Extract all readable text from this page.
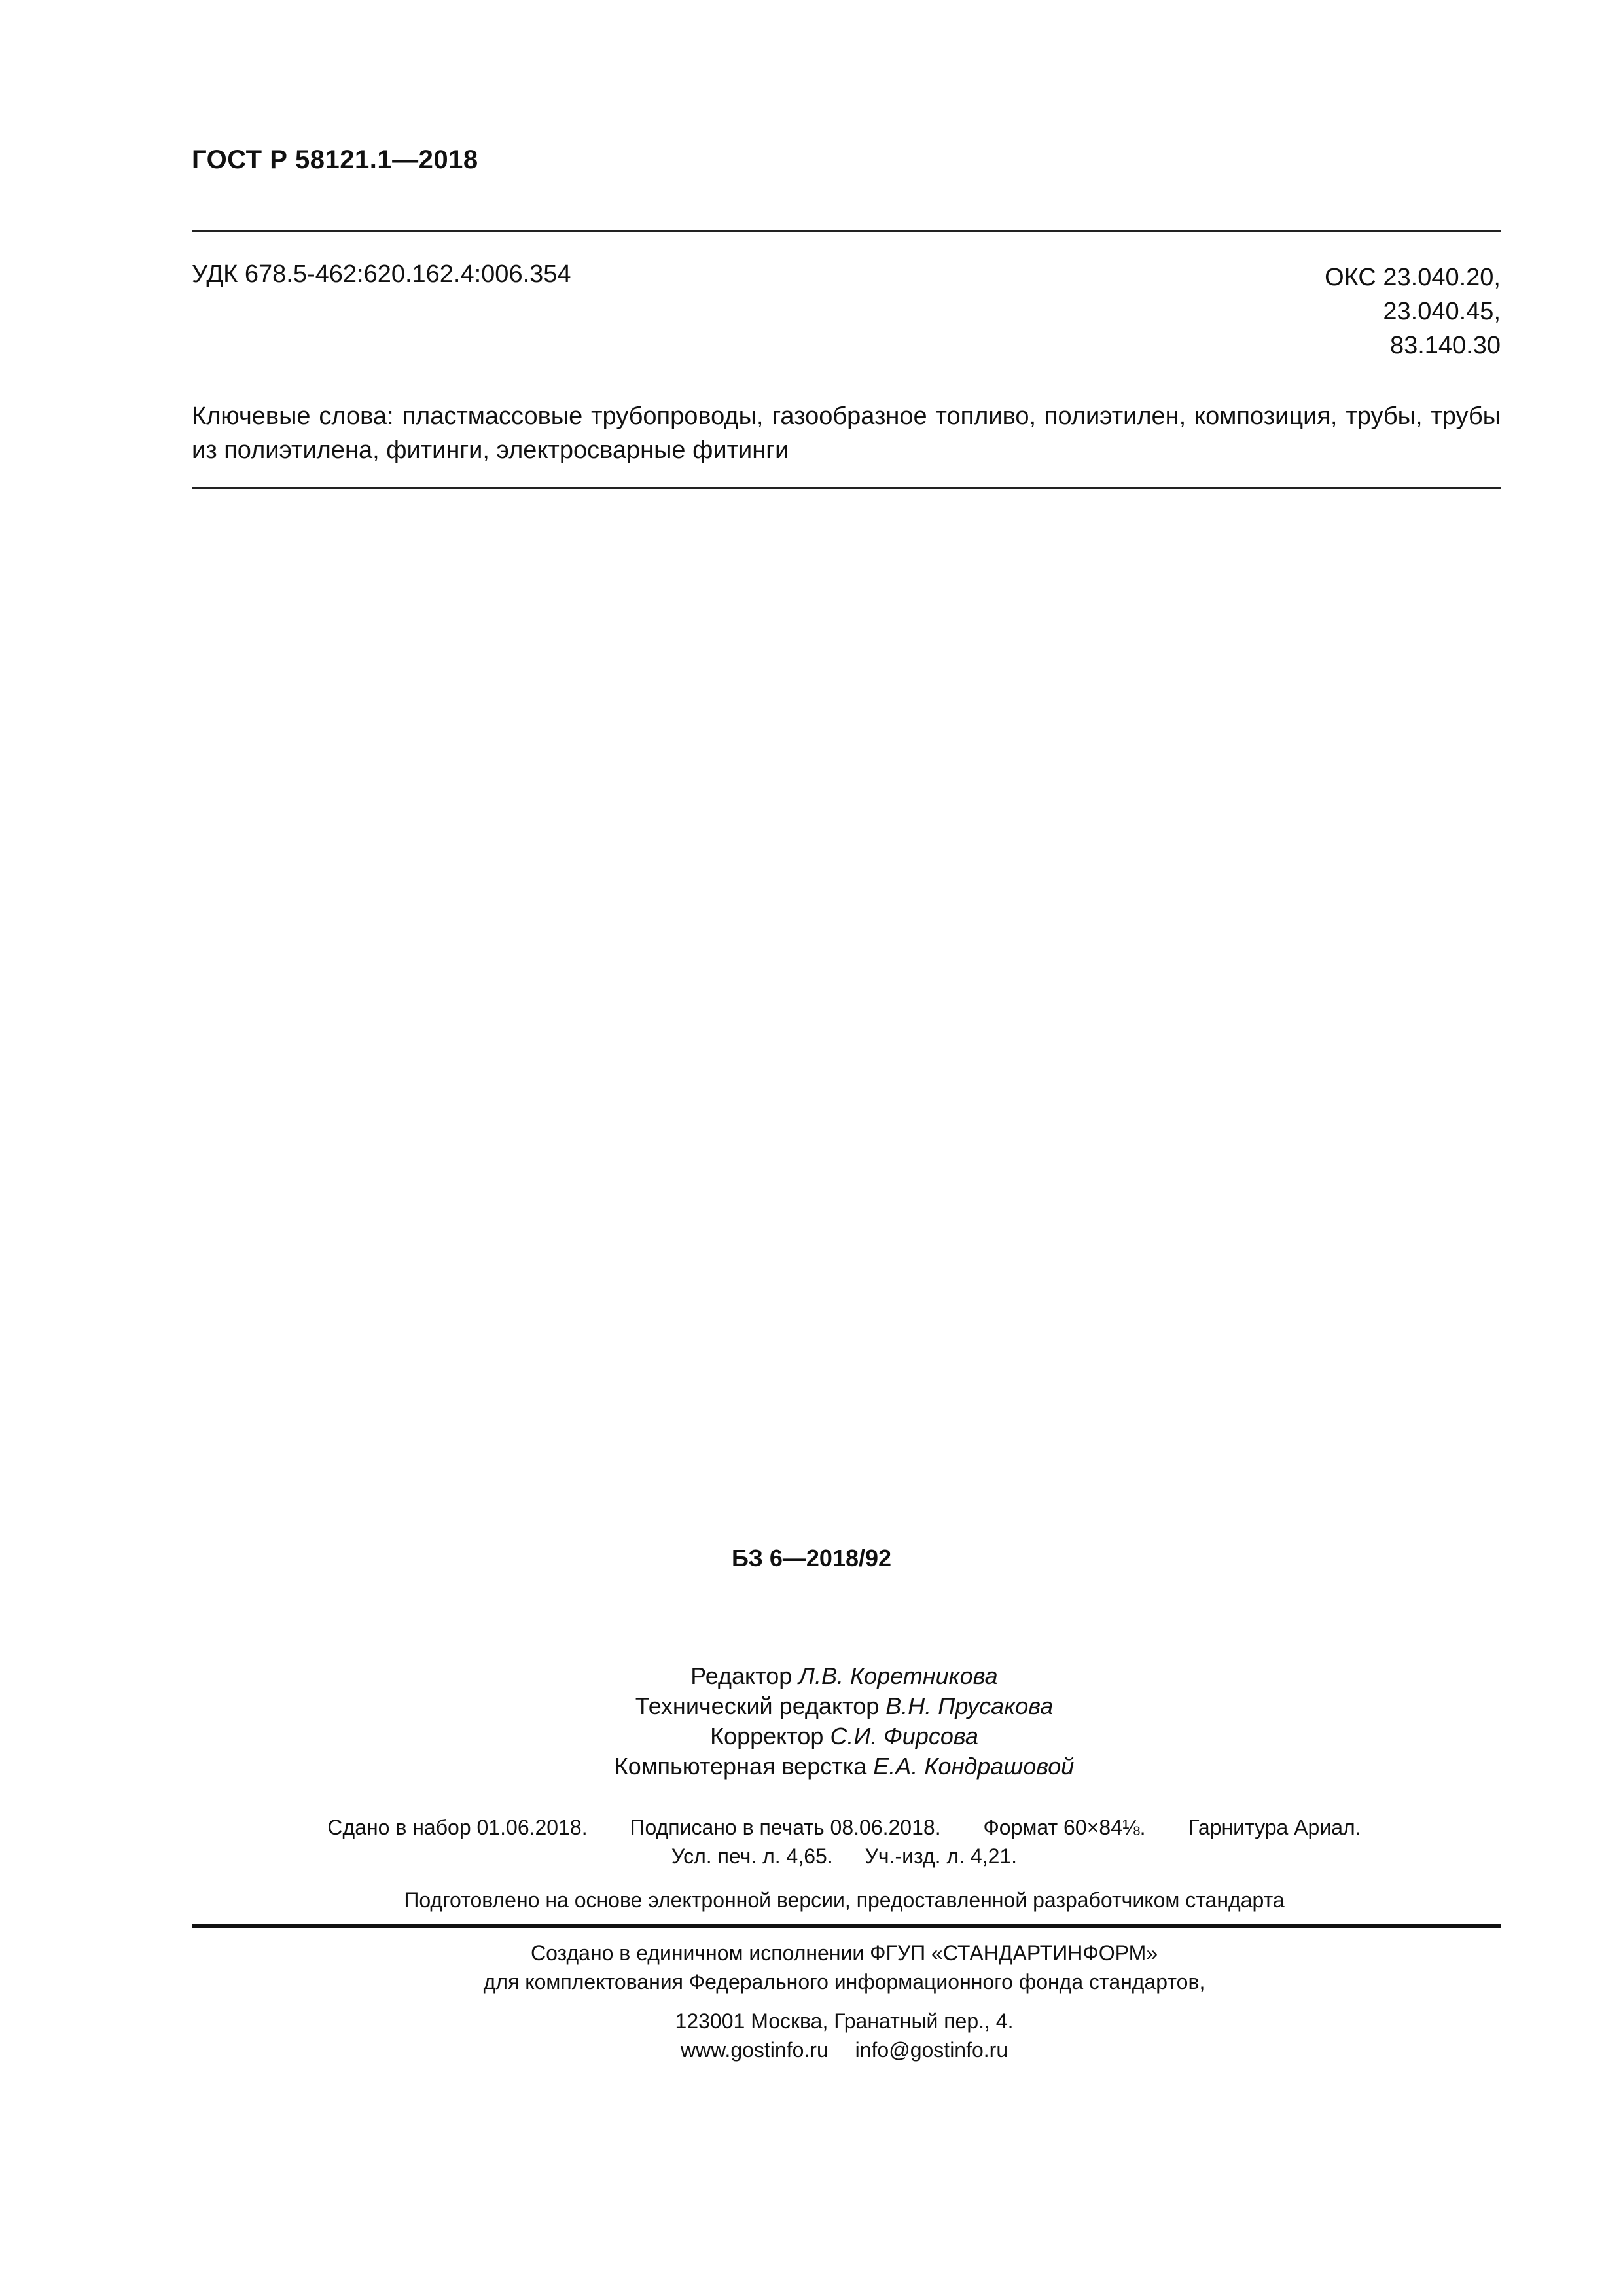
ГОСТ Р 58121.1—2018
УДК 678.5-462:620.162.4:006.354	ОКС 23.040.20,
23.040.45,
83.140.30
Ключевые слова: пластмассовые трубопроводы, газообразное топливо, полиэтилен, композиция, трубы, трубы из полиэтилена, фитинги, электросварные фитинги
БЗ 6—2018/92
Редактор Л.В. Коретникова
Технический редактор В.Н. Прусакова
Корректор С.И. Фирсова
Компьютерная верстка Е.А. Кондрашовой
Сдано в набор 01.06.2018. Подписано в печать 08.06.2018. Формат 60×84⅛. Гарнитура Ариал.
Усл. печ. л. 4,65. Уч.-изд. л. 4,21.
Подготовлено на основе электронной версии, предоставленной разработчиком стандарта
Создано в единичном исполнении ФГУП «СТАНДАРТИНФОРМ»
для комплектования Федерального информационного фонда стандартов,
123001 Москва, Гранатный пер., 4.
www.gostinfo.ru info@gostinfo.ru
